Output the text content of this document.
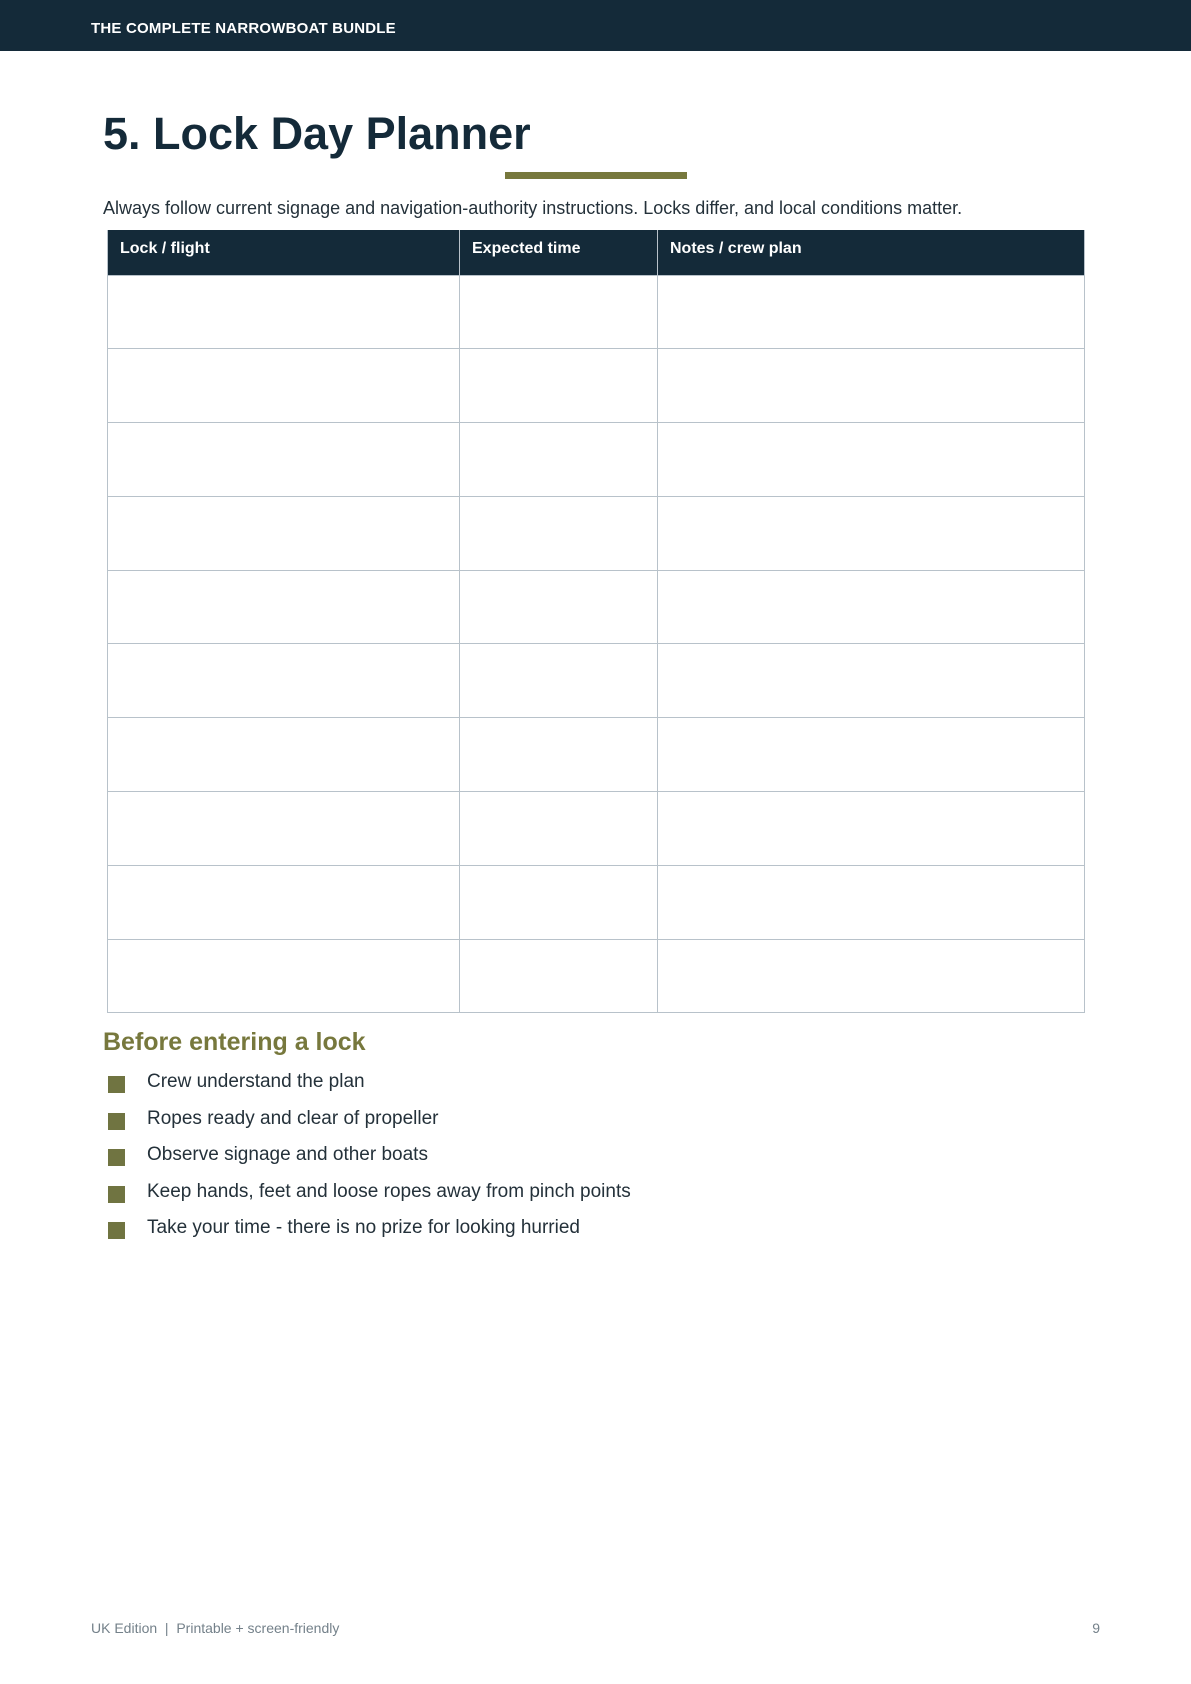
THE COMPLETE NARROWBOAT BUNDLE
5. Lock Day Planner

Always follow current signage and navigation-authority instructions. Locks differ, and local conditions matter.

Lock / flight	Expected time	Notes / crew plan

Before entering a lock
Crew understand the plan
Ropes ready and clear of propeller
Observe signage and other boats
Keep hands, feet and loose ropes away from pinch points
Take your time - there is no prize for looking hurried
UK Edition  |  Printable + screen-friendly	9
